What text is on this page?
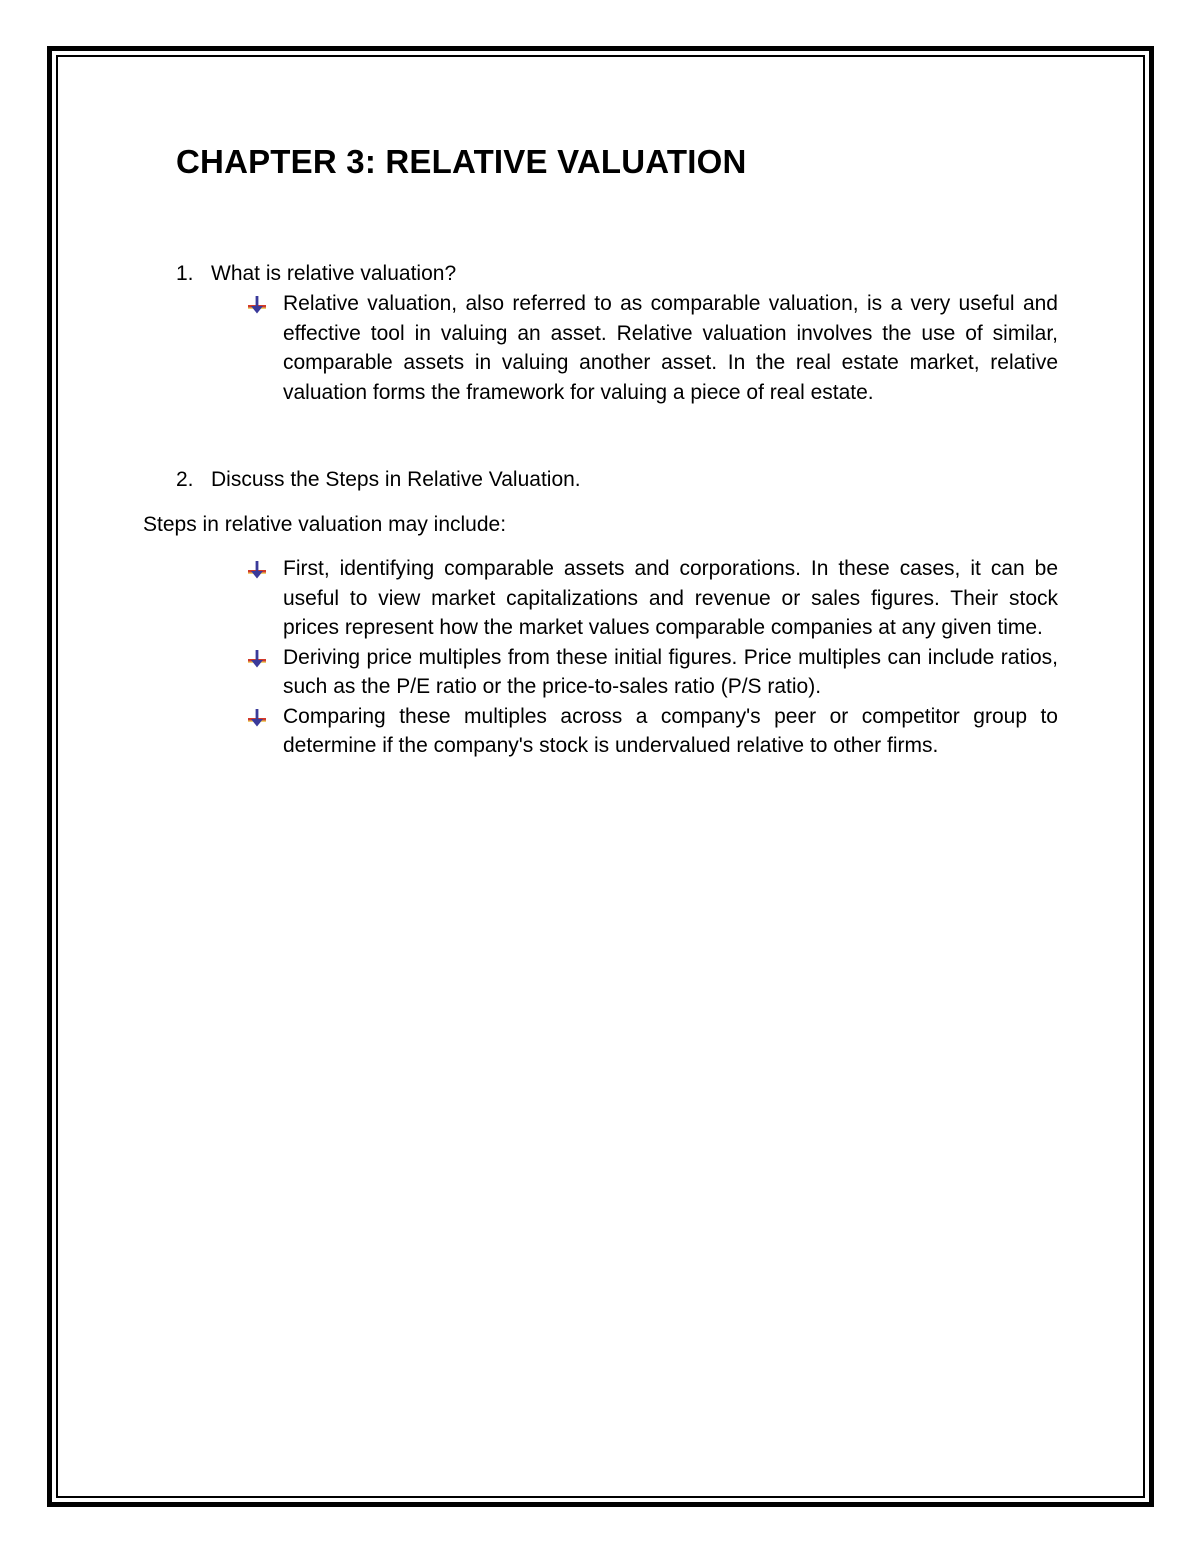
CHAPTER 3: RELATIVE VALUATION
1. What is relative valuation?
Relative valuation, also referred to as comparable valuation, is a very useful and effective tool in valuing an asset. Relative valuation involves the use of similar, comparable assets in valuing another asset. In the real estate market, relative valuation forms the framework for valuing a piece of real estate.
2. Discuss the Steps in Relative Valuation.
Steps in relative valuation may include:
First, identifying comparable assets and corporations. In these cases, it can be useful to view market capitalizations and revenue or sales figures. Their stock prices represent how the market values comparable companies at any given time.
Deriving price multiples from these initial figures. Price multiples can include ratios, such as the P/E ratio or the price-to-sales ratio (P/S ratio).
Comparing these multiples across a company's peer or competitor group to determine if the company's stock is undervalued relative to other firms.
